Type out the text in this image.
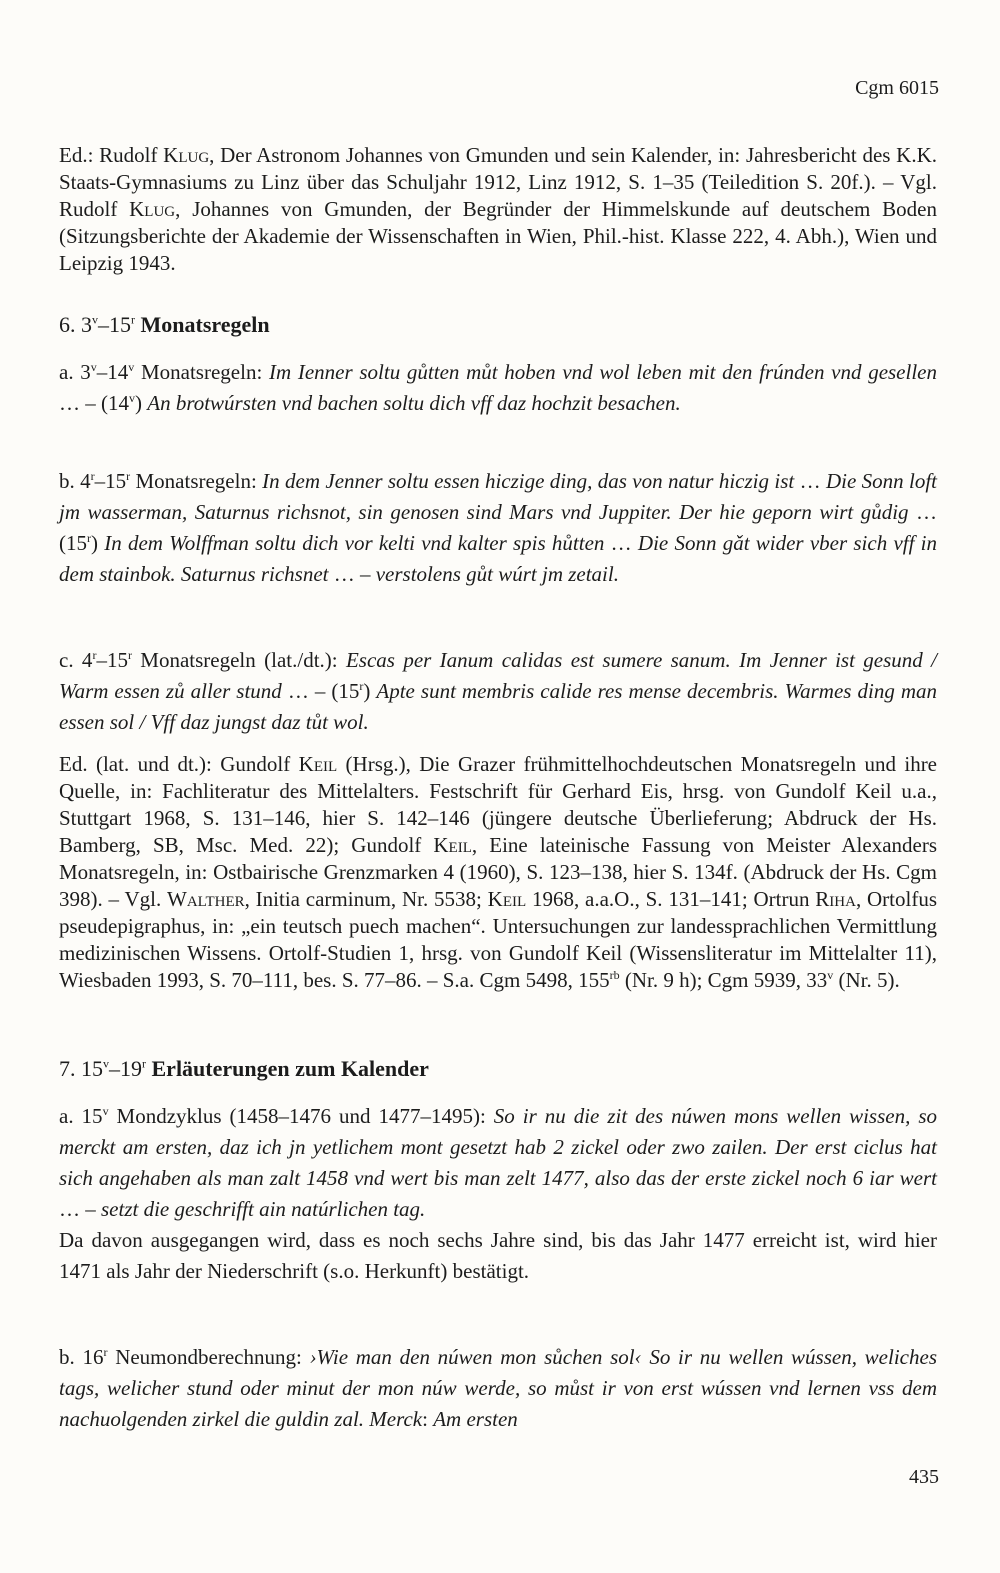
Cgm 6015
Ed.: Rudolf Klug, Der Astronom Johannes von Gmunden und sein Kalender, in: Jahresbericht des K.K. Staats-Gymnasiums zu Linz über das Schuljahr 1912, Linz 1912, S. 1–35 (Teiledition S. 20f.). – Vgl. Rudolf Klug, Johannes von Gmunden, der Begründer der Himmelskunde auf deutschem Boden (Sitzungsberichte der Akademie der Wissenschaften in Wien, Phil.-hist. Klasse 222, 4. Abh.), Wien und Leipzig 1943.
6. 3$^v$–15$^r$ Monatsregeln
a. 3$^v$–14$^v$ Monatsregeln: Im Ienner soltu gůtten můt hoben vnd wol leben mit den frúnden vnd gesellen … – (14$^v$) An brotwúrsten vnd bachen soltu dich vff daz hochzit besachen.
b. 4$^r$–15$^r$ Monatsregeln: In dem Jenner soltu essen hiczige ding, das von natur hiczig ist … Die Sonn loft jm wasserman, Saturnus richsnot, sin genosen sind Mars vnd Juppiter. Der hie geporn wirt gůdig … (15$^r$) In dem Wolffman soltu dich vor kelti vnd kalter spis hůtten … Die Sonn gǎt wider vber sich vff in dem stainbok. Saturnus richsnet … – verstolens gůt wúrt jm zetail.
c. 4$^r$–15$^r$ Monatsregeln (lat./dt.): Escas per Ianum calidas est sumere sanum. Im Jenner ist gesund / Warm essen zů aller stund … – (15$^r$) Apte sunt membris calide res mense decembris. Warmes ding man essen sol / Vff daz jungst daz tůt wol.
Ed. (lat. und dt.): Gundolf Keil (Hrsg.), Die Grazer frühmittelhochdeutschen Monatsregeln und ihre Quelle, in: Fachliteratur des Mittelalters. Festschrift für Gerhard Eis, hrsg. von Gundolf Keil u.a., Stuttgart 1968, S. 131–146, hier S. 142–146 (jüngere deutsche Überlieferung; Abdruck der Hs. Bamberg, SB, Msc. Med. 22); Gundolf Keil, Eine lateinische Fassung von Meister Alexanders Monatsregeln, in: Ostbairische Grenzmarken 4 (1960), S. 123–138, hier S. 134f. (Abdruck der Hs. Cgm 398). – Vgl. Walther, Initia carminum, Nr. 5538; Keil 1968, a.a.O., S. 131–141; Ortrun Riha, Ortolfus pseudepigraphus, in: „ein teutsch puech machen“. Untersuchungen zur landessprachlichen Vermittlung medizinischen Wissens. Ortolf-Studien 1, hrsg. von Gundolf Keil (Wissensliteratur im Mittelalter 11), Wiesbaden 1993, S. 70–111, bes. S. 77–86. – S.a. Cgm 5498, $155^{rb}$ (Nr. 9 h); Cgm 5939, 33$^v$ (Nr. 5).
7. 15$^v$–19$^r$ Erläuterungen zum Kalender
a. 15$^v$ Mondzyklus (1458–1476 und 1477–1495): So ir nu die zit des núwen mons wellen wissen, so merckt am ersten, daz ich jn yetlichem mont gesetzt hab 2 zickel oder zwo zailen. Der erst ciclus hat sich angehaben als man zalt 1458 vnd wert bis man zelt 1477, also das der erste zickel noch 6 iar wert … – setzt die geschrifft ain natúrlichen tag.
Da davon ausgegangen wird, dass es noch sechs Jahre sind, bis das Jahr 1477 erreicht ist, wird hier 1471 als Jahr der Niederschrift (s.o. Herkunft) bestätigt.
b. 16$^r$ Neumondberechnung: ›Wie man den núwen mon sůchen sol‹ So ir nu wellen wússen, weliches tags, welicher stund oder minut der mon núw werde, so můst ir von erst wússen vnd lernen vss dem nachuolgenden zirkel die guldin zal. Merck: Am ersten
435
